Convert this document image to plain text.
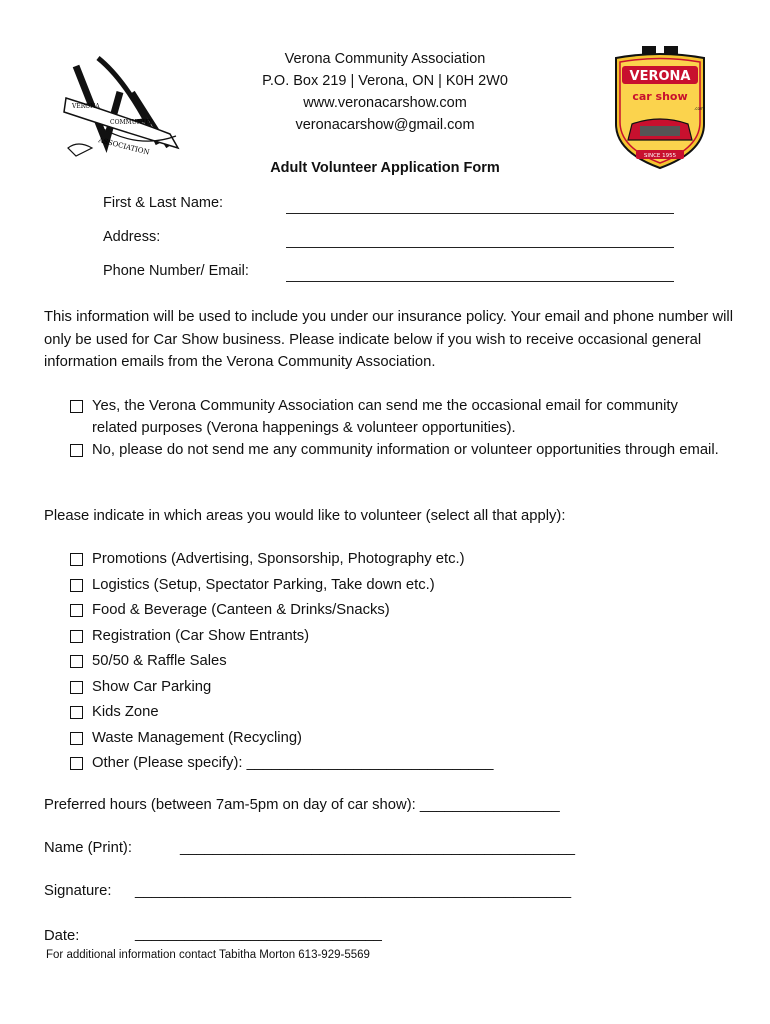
VERONA
COMMUNITY
ASSOCIATION
VERONA
car show
.com
SINCE 1955
Verona Community Association
P.O. Box 219 | Verona, ON | K0H 2W0
www.veronacarshow.com
veronacarshow@gmail.com
Adult Volunteer Application Form
First & Last Name:
Address:
Phone Number/ Email:
This information will be used to include you under our insurance policy. Your email and phone number will only be used for Car Show business. Please indicate below if you wish to receive occasional general information emails from the Verona Community Association.
Yes, the Verona Community Association can send me the occasional email for community related purposes (Verona happenings & volunteer opportunities).
No, please do not send me any community information or volunteer opportunities through email.
Please indicate in which areas you would like to volunteer (select all that apply):
Promotions (Advertising, Sponsorship, Photography etc.)
Logistics (Setup, Spectator Parking, Take down etc.)
Food & Beverage (Canteen & Drinks/Snacks)
Registration (Car Show Entrants)
50/50 & Raffle Sales
Show Car Parking
Kids Zone
Waste Management (Recycling)
Other (Please specify): ______________________________
Preferred hours (between 7am-5pm on day of car show): _________________
Name (Print):	________________________________________________
Signature: _____________________________________________________
Date:	______________________________
For additional information contact Tabitha Morton 613-929-5569
